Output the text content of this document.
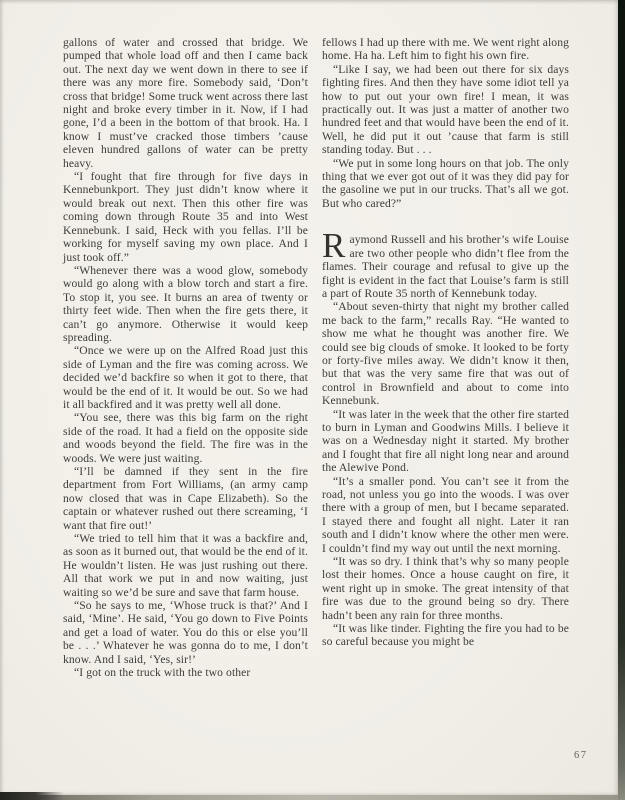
gallons of water and crossed that bridge. We pumped that whole load off and then I came back out. The next day we went down in there to see if there was any more fire. Somebody said, ‘Don’t cross that bridge! Some truck went across there last night and broke every timber in it. Now, if I had gone, I’d a been in the bottom of that brook. Ha. I know I must’ve cracked those timbers ’cause eleven hundred gallons of water can be pretty heavy.

“I fought that fire through for five days in Kennebunkport. They just didn’t know where it would break out next. Then this other fire was coming down through Route 35 and into West Kennebunk. I said, Heck with you fellas. I’ll be working for myself saving my own place. And I just took off.”

“Whenever there was a wood glow, somebody would go along with a blow torch and start a fire. To stop it, you see. It burns an area of twenty or thirty feet wide. Then when the fire gets there, it can’t go anymore. Otherwise it would keep spreading.

“Once we were up on the Alfred Road just this side of Lyman and the fire was coming across. We decided we’d backfire so when it got to there, that would be the end of it. It would be out. So we had it all backfired and it was pretty well all done.

“You see, there was this big farm on the right side of the road. It had a field on the opposite side and woods beyond the field. The fire was in the woods. We were just waiting.

“I’ll be damned if they sent in the fire department from Fort Williams, (an army camp now closed that was in Cape Elizabeth). So the captain or whatever rushed out there screaming, ‘I want that fire out!’

“We tried to tell him that it was a backfire and, as soon as it burned out, that would be the end of it. He wouldn’t listen. He was just rushing out there. All that work we put in and now waiting, just waiting so we’d be sure and save that farm house.

“So he says to me, ‘Whose truck is that?’ And I said, ‘Mine’. He said, ‘You go down to Five Points and get a load of water. You do this or else you’ll be . . .’ Whatever he was gonna do to me, I don’t know. And I said, ‘Yes, sir!’

“I got on the truck with the two other

fellows I had up there with me. We went right along home. Ha ha. Left him to fight his own fire.

“Like I say, we had been out there for six days fighting fires. And then they have some idiot tell ya how to put out your own fire! I mean, it was practically out. It was just a matter of another two hundred feet and that would have been the end of it. Well, he did put it out ’cause that farm is still standing today. But . . .

“We put in some long hours on that job. The only thing that we ever got out of it was they did pay for the gasoline we put in our trucks. That’s all we got. But who cared?”

Raymond Russell and his brother’s wife Louise are two other people who didn’t flee from the flames. Their courage and refusal to give up the fight is evident in the fact that Louise’s farm is still a part of Route 35 north of Kennebunk today.

“About seven-thirty that night my brother called me back to the farm,” recalls Ray. “He wanted to show me what he thought was another fire. We could see big clouds of smoke. It looked to be forty or forty-five miles away. We didn’t know it then, but that was the very same fire that was out of control in Brownfield and about to come into Kennebunk.

“It was later in the week that the other fire started to burn in Lyman and Goodwins Mills. I believe it was on a Wednesday night it started. My brother and I fought that fire all night long near and around the Alewive Pond.

“It’s a smaller pond. You can’t see it from the road, not unless you go into the woods. I was over there with a group of men, but I became separated. I stayed there and fought all night. Later it ran south and I didn’t know where the other men were. I couldn’t find my way out until the next morning.

“It was so dry. I think that’s why so many people lost their homes. Once a house caught on fire, it went right up in smoke. The great intensity of that fire was due to the ground being so dry. There hadn’t been any rain for three months.

“It was like tinder. Fighting the fire you had to be so careful because you might be

67
